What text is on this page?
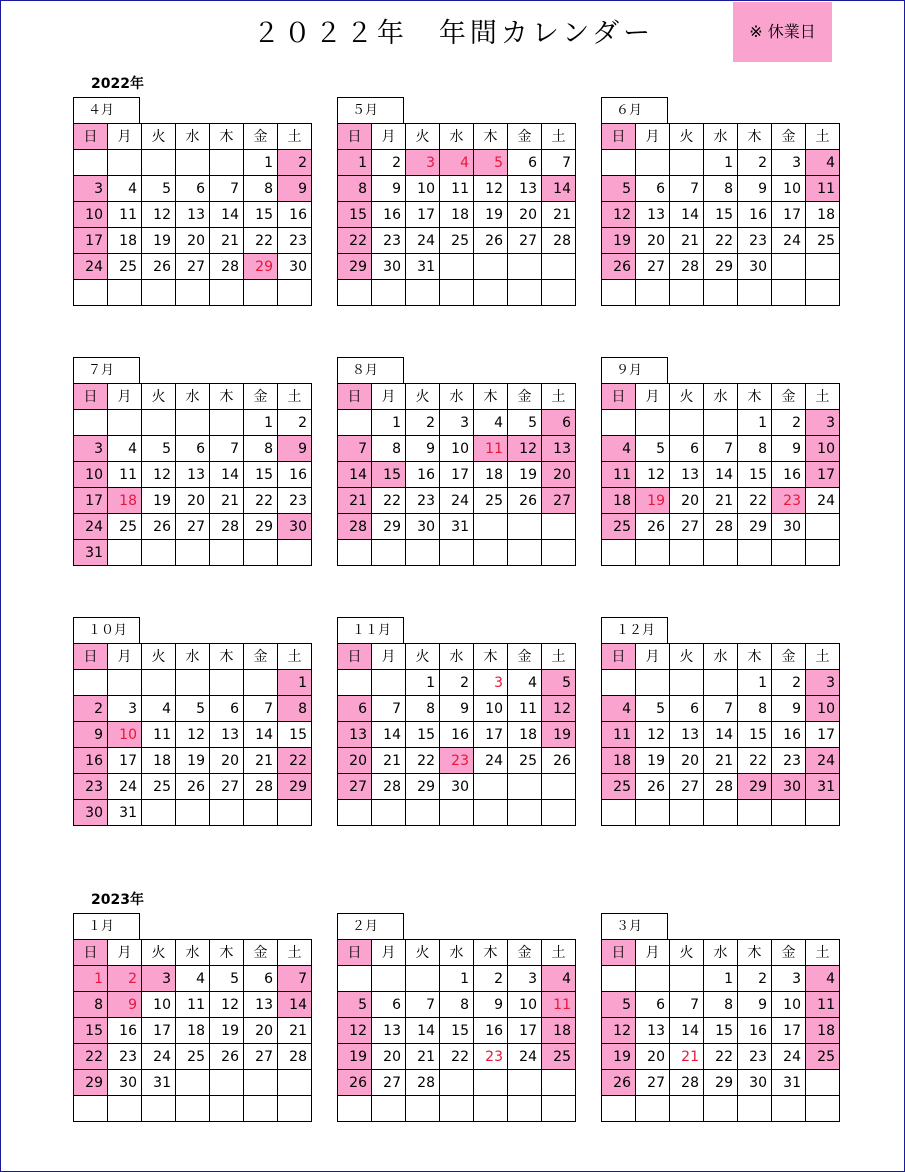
２０２２年　年間カレンダー	※ 休業日
2022年
2023年
４月
日	月	火	水	木	金	土
					1	2
3	4	5	6	7	8	9
10	11	12	13	14	15	16
17	18	19	20	21	22	23
24	25	26	27	28	29	30

５月
日	月	火	水	木	金	土
1	2	3	4	5	6	7
8	9	10	11	12	13	14
15	16	17	18	19	20	21
22	23	24	25	26	27	28
29	30	31				

６月
日	月	火	水	木	金	土
			1	2	3	4
5	6	7	8	9	10	11
12	13	14	15	16	17	18
19	20	21	22	23	24	25
26	27	28	29	30		

７月
日	月	火	水	木	金	土
					1	2
3	4	5	6	7	8	9
10	11	12	13	14	15	16
17	18	19	20	21	22	23
24	25	26	27	28	29	30
31						
８月
日	月	火	水	木	金	土
	1	2	3	4	5	6
7	8	9	10	11	12	13
14	15	16	17	18	19	20
21	22	23	24	25	26	27
28	29	30	31			

９月
日	月	火	水	木	金	土
				1	2	3
4	5	6	7	8	9	10
11	12	13	14	15	16	17
18	19	20	21	22	23	24
25	26	27	28	29	30	

１０月
日	月	火	水	木	金	土
						1
2	3	4	5	6	7	8
9	10	11	12	13	14	15
16	17	18	19	20	21	22
23	24	25	26	27	28	29
30	31					
１１月
日	月	火	水	木	金	土
		1	2	3	4	5
6	7	8	9	10	11	12
13	14	15	16	17	18	19
20	21	22	23	24	25	26
27	28	29	30			

１２月
日	月	火	水	木	金	土
				1	2	3
4	5	6	7	8	9	10
11	12	13	14	15	16	17
18	19	20	21	22	23	24
25	26	27	28	29	30	31

１月
日	月	火	水	木	金	土
1	2	3	4	5	6	7
8	9	10	11	12	13	14
15	16	17	18	19	20	21
22	23	24	25	26	27	28
29	30	31				

２月
日	月	火	水	木	金	土
			1	2	3	4
5	6	7	8	9	10	11
12	13	14	15	16	17	18
19	20	21	22	23	24	25
26	27	28				

３月
日	月	火	水	木	金	土
			1	2	3	4
5	6	7	8	9	10	11
12	13	14	15	16	17	18
19	20	21	22	23	24	25
26	27	28	29	30	31	
